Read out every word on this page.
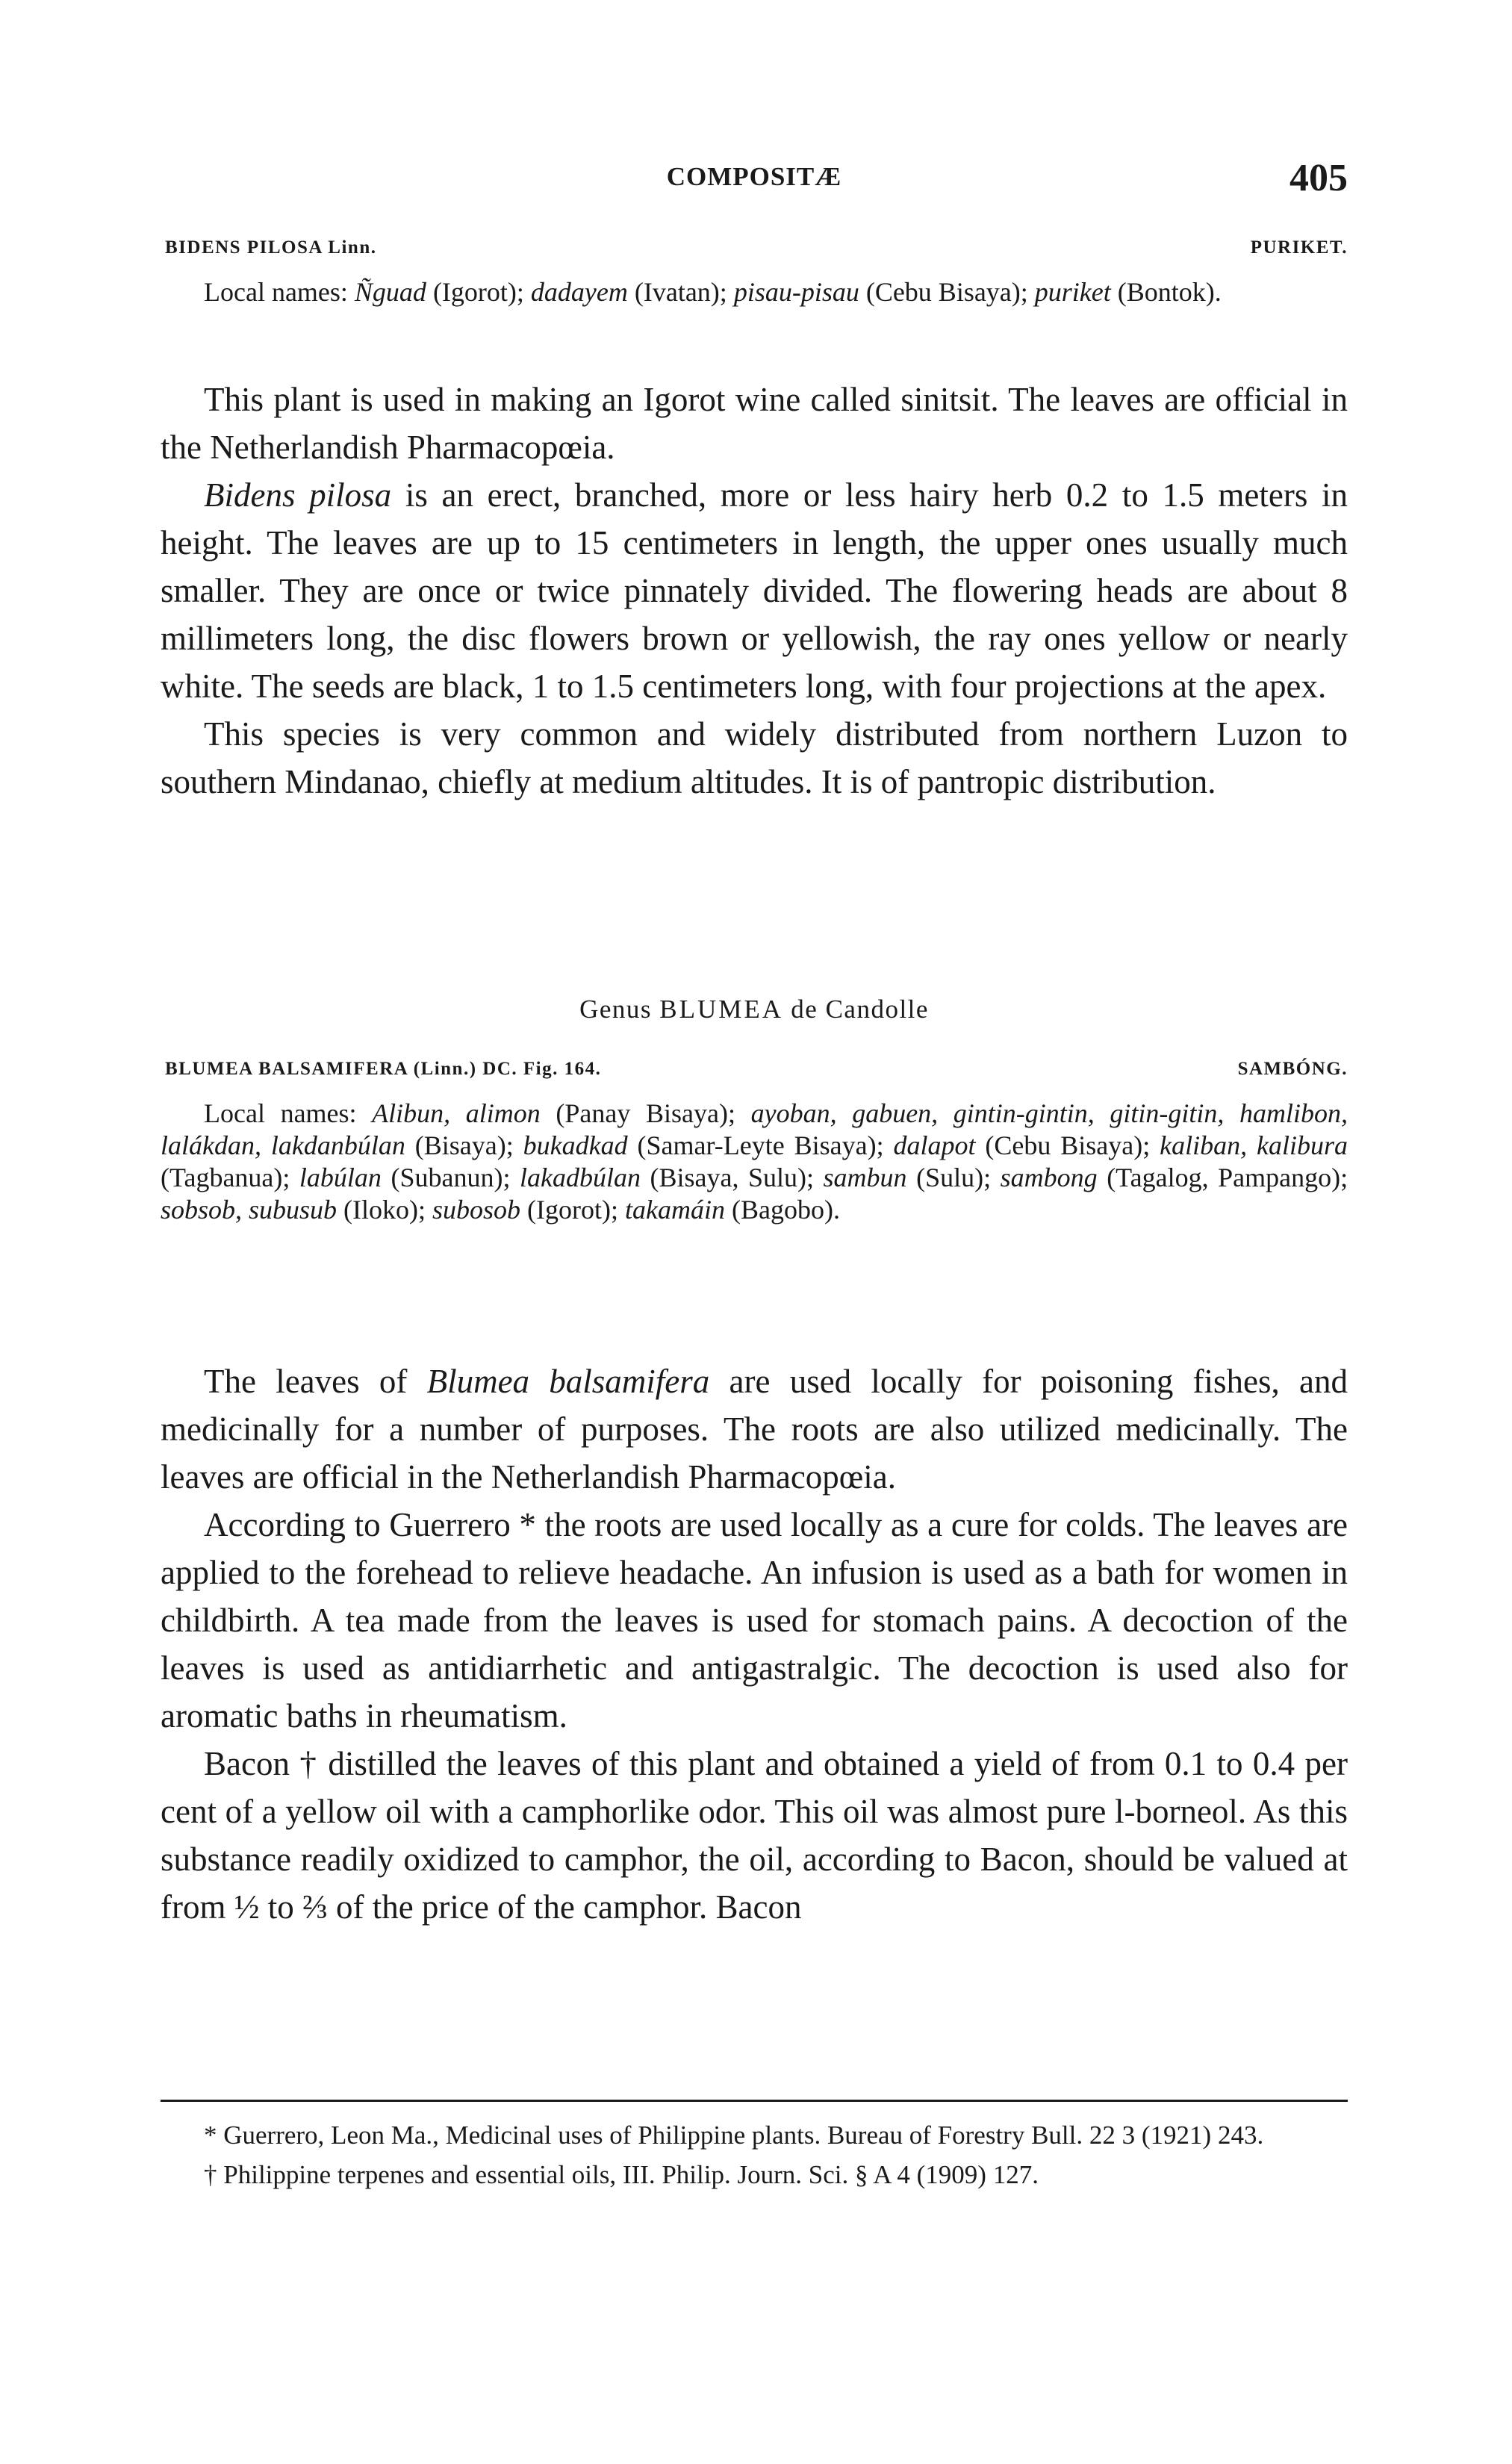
COMPOSITÆ	405
BIDENS PILOSA Linn.	PURIKET.
Local names: Ñguad (Igorot); dadayem (Ivatan); pisau-pisau (Cebu Bisaya); puriket (Bontok).

This plant is used in making an Igorot wine called sinitsit. The leaves are official in the Netherlandish Pharmacopœia.

Bidens pilosa is an erect, branched, more or less hairy herb 0.2 to 1.5 meters in height. The leaves are up to 15 centimeters in length, the upper ones usually much smaller. They are once or twice pinnately divided. The flowering heads are about 8 millimeters long, the disc flowers brown or yellowish, the ray ones yellow or nearly white. The seeds are black, 1 to 1.5 centimeters long, with four projections at the apex.

This species is very common and widely distributed from northern Luzon to southern Mindanao, chiefly at medium altitudes. It is of pantropic distribution.

Genus BLUMEA de Candolle
BLUMEA BALSAMIFERA (Linn.) DC. Fig. 164.	SAMBÓNG.
Local names: Alibun, alimon (Panay Bisaya); ayoban, gabuen, gintin-gintin, gitin-gitin, hamlibon, lalákdan, lakdanbúlan (Bisaya); bukadkad (Samar-Leyte Bisaya); dalapot (Cebu Bisaya); kaliban, kalibura (Tagbanua); labúlan (Subanun); lakadbúlan (Bisaya, Sulu); sambun (Sulu); sambong (Tagalog, Pampango); sobsob, subusub (Iloko); subosob (Igorot); takamáin (Bagobo).

The leaves of Blumea balsamifera are used locally for poisoning fishes, and medicinally for a number of purposes. The roots are also utilized medicinally. The leaves are official in the Netherlandish Pharmacopœia.

According to Guerrero * the roots are used locally as a cure for colds. The leaves are applied to the forehead to relieve headache. An infusion is used as a bath for women in childbirth. A tea made from the leaves is used for stomach pains. A decoction of the leaves is used as antidiarrhetic and antigastralgic. The decoction is used also for aromatic baths in rheumatism.

Bacon † distilled the leaves of this plant and obtained a yield of from 0.1 to 0.4 per cent of a yellow oil with a camphorlike odor. This oil was almost pure l-borneol. As this substance readily oxidized to camphor, the oil, according to Bacon, should be valued at from ½ to ⅔ of the price of the camphor. Bacon

* Guerrero, Leon Ma., Medicinal uses of Philippine plants. Bureau of Forestry Bull. 22 3 (1921) 243.

† Philippine terpenes and essential oils, III. Philip. Journ. Sci. § A 4 (1909) 127.
